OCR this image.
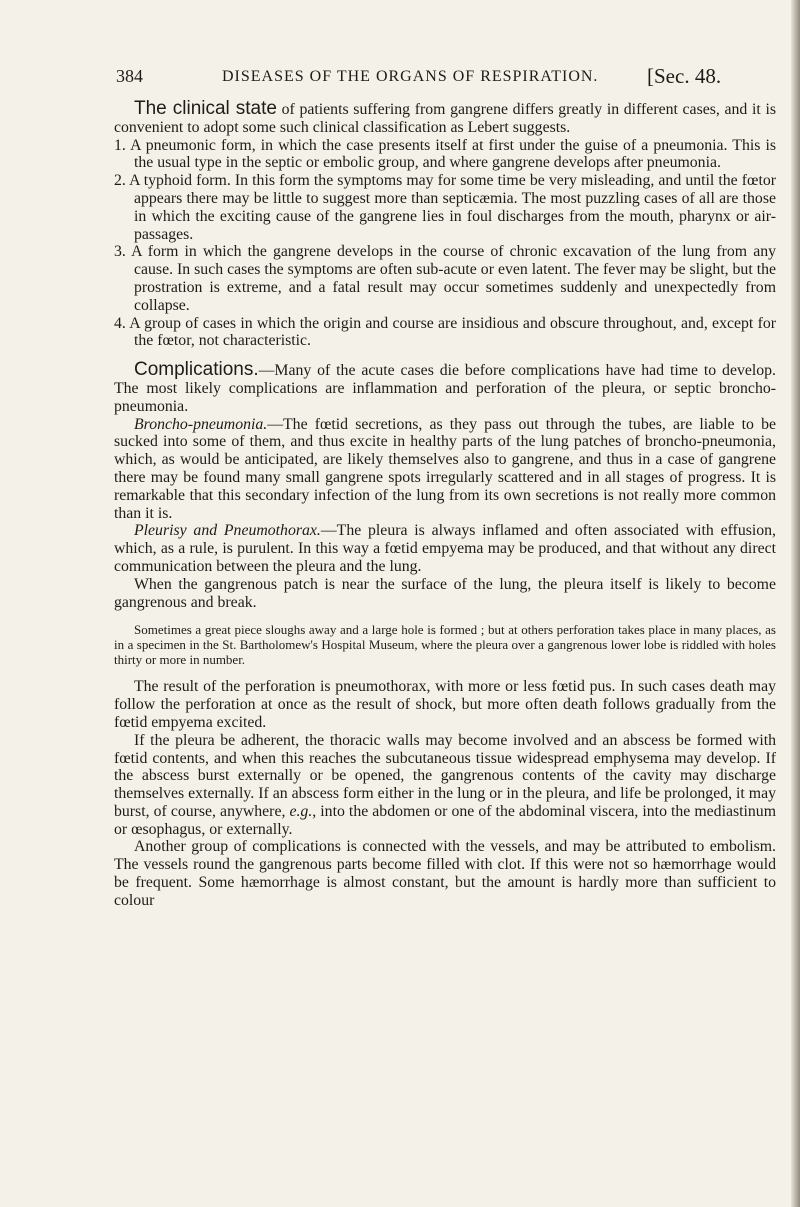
384	DISEASES OF THE ORGANS OF RESPIRATION. [Sec. 48.

The clinical state of patients suffering from gangrene differs greatly in different cases, and it is convenient to adopt some such clinical classification as Lebert suggests.

1. A pneumonic form, in which the case presents itself at first under the guise of a pneumonia. This is the usual type in the septic or embolic group, and where gangrene develops after pneumonia.

2. A typhoid form. In this form the symptoms may for some time be very misleading, and until the fœtor appears there may be little to suggest more than septicæmia. The most puzzling cases of all are those in which the exciting cause of the gangrene lies in foul discharges from the mouth, pharynx or air-passages.

3. A form in which the gangrene develops in the course of chronic excavation of the lung from any cause. In such cases the symptoms are often sub-acute or even latent. The fever may be slight, but the prostration is extreme, and a fatal result may occur sometimes suddenly and unexpectedly from collapse.

4. A group of cases in which the origin and course are insidious and obscure throughout, and, except for the fœtor, not characteristic.

Complications.—Many of the acute cases die before complications have had time to develop. The most likely complications are inflammation and perforation of the pleura, or septic broncho-pneumonia.

Broncho-pneumonia.—The fœtid secretions, as they pass out through the tubes, are liable to be sucked into some of them, and thus excite in healthy parts of the lung patches of broncho-pneumonia, which, as would be anticipated, are likely themselves also to gangrene, and thus in a case of gangrene there may be found many small gangrene spots irregularly scattered and in all stages of progress. It is remarkable that this secondary infection of the lung from its own secretions is not really more common than it is.

Pleurisy and Pneumothorax.—The pleura is always inflamed and often associated with effusion, which, as a rule, is purulent. In this way a fœtid empyema may be produced, and that without any direct communication between the pleura and the lung.

When the gangrenous patch is near the surface of the lung, the pleura itself is likely to become gangrenous and break.

Sometimes a great piece sloughs away and a large hole is formed ; but at others perforation takes place in many places, as in a specimen in the St. Bartholomew's Hospital Museum, where the pleura over a gangrenous lower lobe is riddled with holes thirty or more in number.

The result of the perforation is pneumothorax, with more or less fœtid pus. In such cases death may follow the perforation at once as the result of shock, but more often death follows gradually from the fœtid empyema excited.

If the pleura be adherent, the thoracic walls may become involved and an abscess be formed with fœtid contents, and when this reaches the subcutaneous tissue widespread emphysema may develop. If the abscess burst externally or be opened, the gangrenous contents of the cavity may discharge themselves externally. If an abscess form either in the lung or in the pleura, and life be prolonged, it may burst, of course, anywhere, e.g., into the abdomen or one of the abdominal viscera, into the mediastinum or œsophagus, or externally.

Another group of complications is connected with the vessels, and may be attributed to embolism. The vessels round the gangrenous parts become filled with clot. If this were not so hæmorrhage would be frequent. Some hæmorrhage is almost constant, but the amount is hardly more than sufficient to colour
